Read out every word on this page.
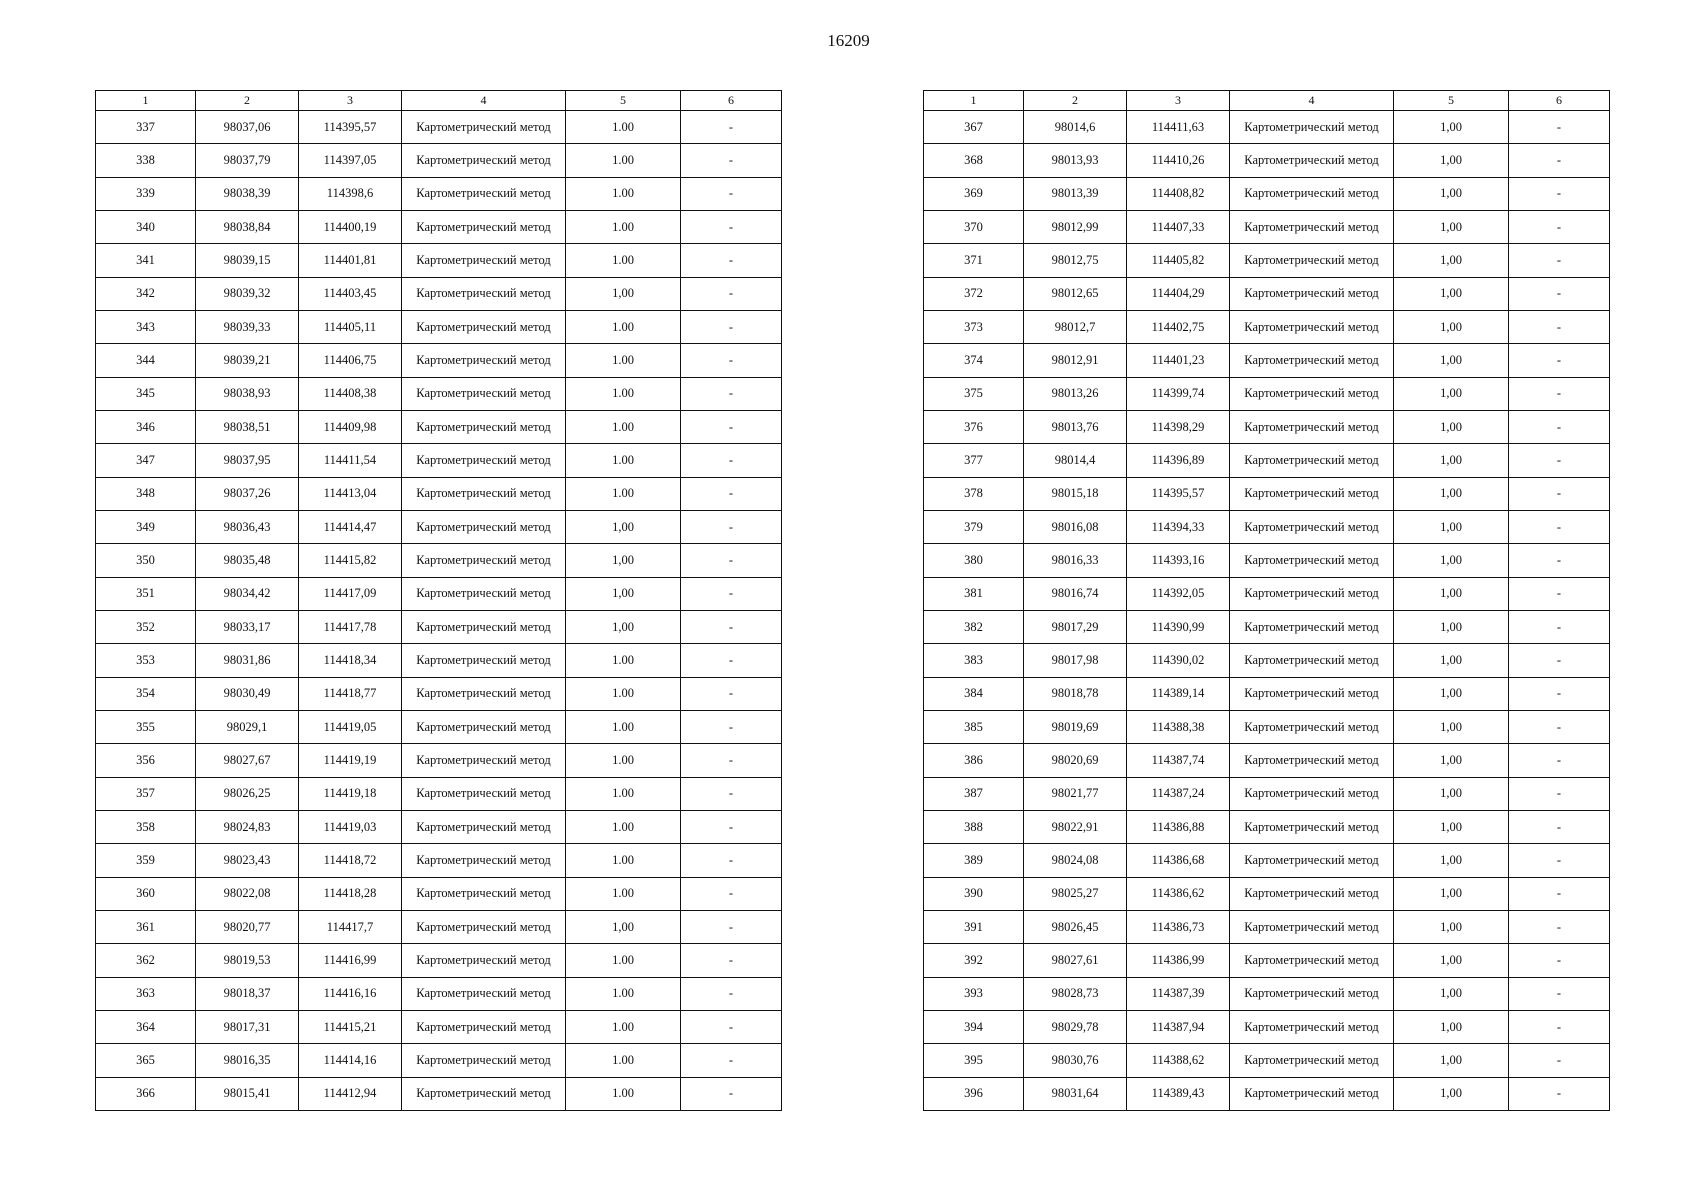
16209
1	2	3	4	5	6
337	98037,06	114395,57	Картометрический метод	1.00	-
338	98037,79	114397,05	Картометрический метод	1.00	-
339	98038,39	114398,6	Картометрический метод	1.00	-
340	98038,84	114400,19	Картометрический метод	1.00	-
341	98039,15	114401,81	Картометрический метод	1.00	-
342	98039,32	114403,45	Картометрический метод	1,00	-
343	98039,33	114405,11	Картометрический метод	1.00	-
344	98039,21	114406,75	Картометрический метод	1.00	-
345	98038,93	114408,38	Картометрический метод	1.00	-
346	98038,51	114409,98	Картометрический метод	1.00	-
347	98037,95	114411,54	Картометрический метод	1.00	-
348	98037,26	114413,04	Картометрический метод	1.00	-
349	98036,43	114414,47	Картометрический метод	1,00	-
350	98035,48	114415,82	Картометрический метод	1,00	-
351	98034,42	114417,09	Картометрический метод	1,00	-
352	98033,17	114417,78	Картометрический метод	1,00	-
353	98031,86	114418,34	Картометрический метод	1.00	-
354	98030,49	114418,77	Картометрический метод	1.00	-
355	98029,1	114419,05	Картометрический метод	1.00	-
356	98027,67	114419,19	Картометрический метод	1.00	-
357	98026,25	114419,18	Картометрический метод	1.00	-
358	98024,83	114419,03	Картометрический метод	1.00	-
359	98023,43	114418,72	Картометрический метод	1.00	-
360	98022,08	114418,28	Картометрический метод	1.00	-
361	98020,77	114417,7	Картометрический метод	1,00	-
362	98019,53	114416,99	Картометрический метод	1.00	-
363	98018,37	114416,16	Картометрический метод	1.00	-
364	98017,31	114415,21	Картометрический метод	1.00	-
365	98016,35	114414,16	Картометрический метод	1.00	-
366	98015,41	114412,94	Картометрический метод	1.00	-
1	2	3	4	5	6
367	98014,6	114411,63	Картометрический метод	1,00	-
368	98013,93	114410,26	Картометрический метод	1,00	-
369	98013,39	114408,82	Картометрический метод	1,00	-
370	98012,99	114407,33	Картометрический метод	1,00	-
371	98012,75	114405,82	Картометрический метод	1,00	-
372	98012,65	114404,29	Картометрический метод	1,00	-
373	98012,7	114402,75	Картометрический метод	1,00	-
374	98012,91	114401,23	Картометрический метод	1,00	-
375	98013,26	114399,74	Картометрический метод	1,00	-
376	98013,76	114398,29	Картометрический метод	1,00	-
377	98014,4	114396,89	Картометрический метод	1,00	-
378	98015,18	114395,57	Картометрический метод	1,00	-
379	98016,08	114394,33	Картометрический метод	1,00	-
380	98016,33	114393,16	Картометрический метод	1,00	-
381	98016,74	114392,05	Картометрический метод	1,00	-
382	98017,29	114390,99	Картометрический метод	1,00	-
383	98017,98	114390,02	Картометрический метод	1,00	-
384	98018,78	114389,14	Картометрический метод	1,00	-
385	98019,69	114388,38	Картометрический метод	1,00	-
386	98020,69	114387,74	Картометрический метод	1,00	-
387	98021,77	114387,24	Картометрический метод	1,00	-
388	98022,91	114386,88	Картометрический метод	1,00	-
389	98024,08	114386,68	Картометрический метод	1,00	-
390	98025,27	114386,62	Картометрический метод	1,00	-
391	98026,45	114386,73	Картометрический метод	1,00	-
392	98027,61	114386,99	Картометрический метод	1,00	-
393	98028,73	114387,39	Картометрический метод	1,00	-
394	98029,78	114387,94	Картометрический метод	1,00	-
395	98030,76	114388,62	Картометрический метод	1,00	-
396	98031,64	114389,43	Картометрический метод	1,00	-
